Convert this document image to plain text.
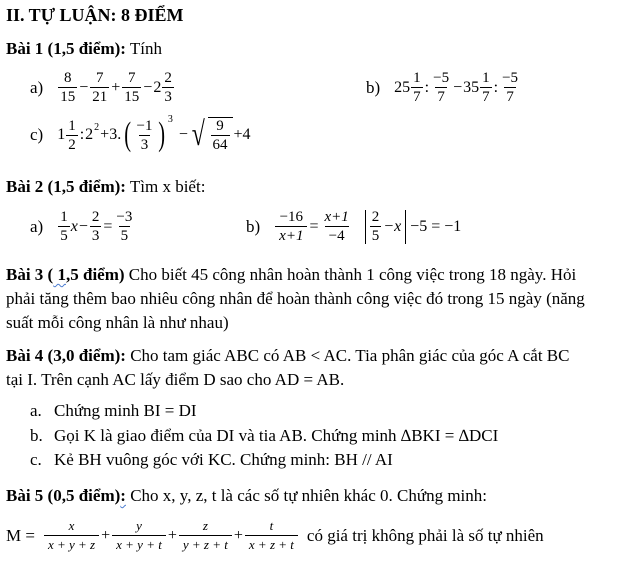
II. TỰ LUẬN: 8 ĐIỂM
Bài 1 (1,5 điểm): Tính
$a) \frac{8}{15} - \frac{7}{21} + \frac{7}{15} - 2 \frac{2}{3}$	b) $25 \frac{1}{7}$ : $\frac{-5}{7} - 35 \frac{1}{7}$ : $\frac{-5}{7}$
c) $1 \frac{1}{2}$ : 2 2 +3. ( $\frac{-1}{3}$ ) 3
− √ $\frac{9}{64} +4$
Bài 2 (1,5 điểm): Tìm x biết:
$a) \frac{1}{5}$ $x - \frac{2}{3} = \frac{-3}{5}$	$b) \frac{-16}{x+1} = \frac{x+1}{-4} \frac{2}{5} -x -5 = -1$
Bài 3 ( 1,5 điểm) Cho biết 45 công nhân hoàn thành 1 công việc trong 18 ngày. Hỏi
phải tăng thêm bao nhiêu công nhân để hoàn thành công việc đó trong 15 ngày (năng
suất mỗi công nhân là như nhau)
Bài 4 (3,0 điểm): Cho tam giác ABC có AB < AC. Tia phân giác của góc A cắt BC
tại I. Trên cạnh AC lấy điểm D sao cho AD = AB.
a. Chứng minh BI = DI
b. Gọi K là giao điểm của DI và tia AB. Chứng minh ∆BKI = ∆DCI
c. Kẻ BH vuông góc với KC. Chứng minh: BH // AI
Bài 5 (0,5 điểm): Cho x, y, z, t là các số tự nhiên khác 0. Chứng minh:
$M = \frac{x}{x + y + z} + \frac{y}{x + y + t} + \frac{z}{y + z + t} + \frac{t}{x + z + t}$ có giá trị không phải là số tự nhiên
